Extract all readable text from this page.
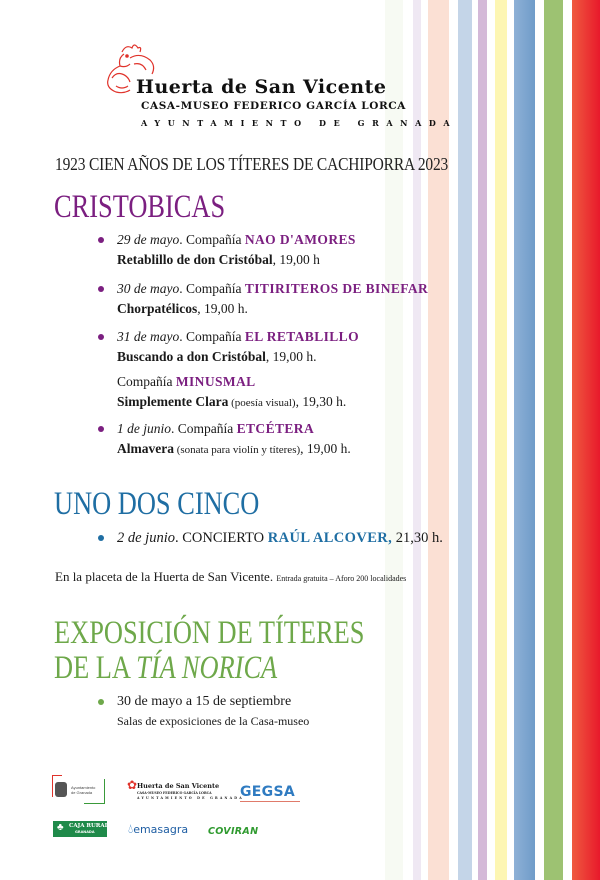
Huerta de San Vicente
CASA-MUSEO FEDERICO GARCÍA LORCA
AYUNTAMIENTO DE GRANADA
1923 CIEN AÑOS DE LOS TÍTERES DE CACHIPORRA 2023
CRISTOBICAS
29 de mayo. Compañía NAO D'AMORES
Retablillo de don Cristóbal, 19,00 h
30 de mayo. Compañía TITIRITEROS DE BINEFAR
Chorpatélicos, 19,00 h.
31 de mayo. Compañía EL RETABLILLO
Buscando a don Cristóbal, 19,00 h.
Compañía MINUSMAL
Simplemente Clara (poesía visual), 19,30 h.
1 de junio. Compañía ETCÉTERA
Almavera (sonata para violín y títeres), 19,00 h.
UNO DOS CINCO
2 de junio. CONCIERTO RAÚL ALCOVER, 21,30 h.
En la placeta de la Huerta de San Vicente. Entrada gratuita – Aforo 200 localidades
EXPOSICIÓN DE TÍTERES
DE LA TÍA NORICA
30 de mayo a 15 de septiembre
Salas de exposiciones de la Casa-museo
Ayuntamiento
de Granada
✿ Huerta de San Vicente
CASA-MUSEO FEDERICO GARCÍA LORCA
AYUNTAMIENTO DE GRANADA
GEGSA
♣ CAJA RURAL
GRANADA	💧︎emasagra COVIRAN
